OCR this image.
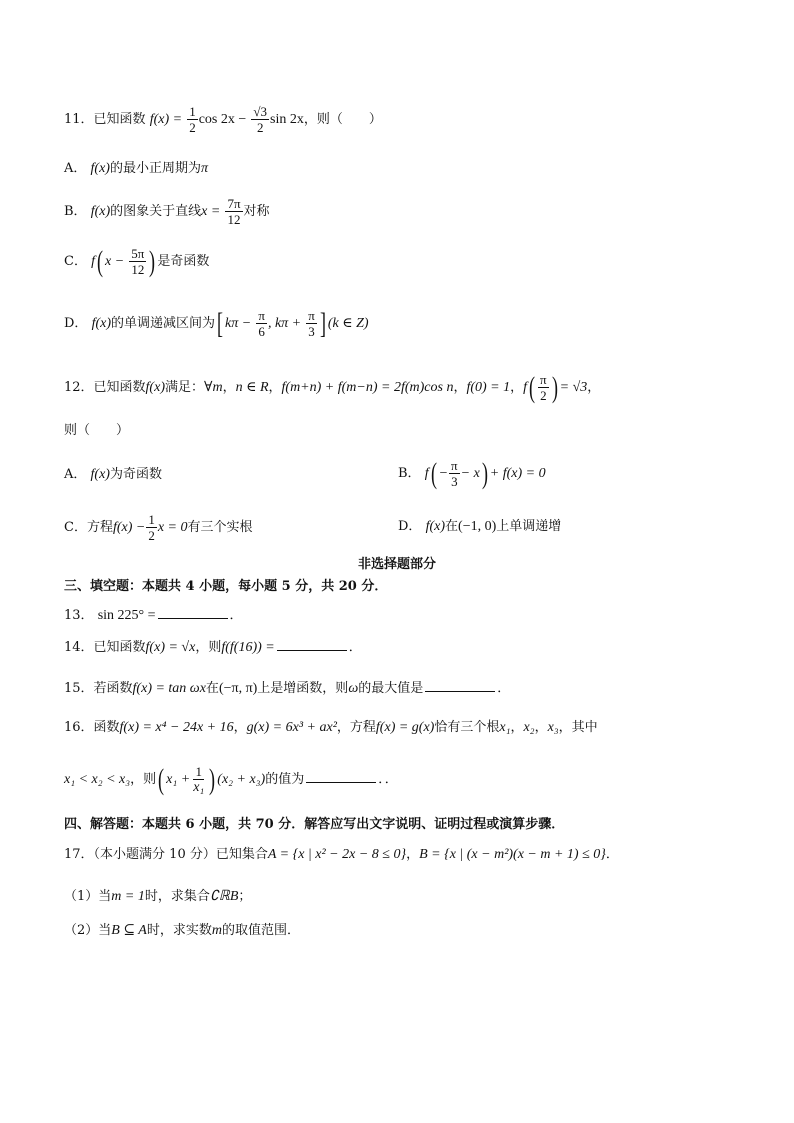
11．已知函数 $f(x) = \frac{1}{2}$ $\cos 2x - \frac{√3}{2}$ sin 2x，则（　　）
A． f(x)的最小正周期为π
B． f(x)的图象关于直线$x = \frac{7\pi}{12}$ 对称
C． f( $x - \frac{5\pi}{12}$ ) 是奇函数
D． f(x)的单调递减区间为[ $k\pi - \frac{\pi}{6}$ , $k\pi + \frac{\pi}{3}$ ] (k ∈ Z)
12．已知函数f(x)满足：∀m，n ∈ R，f(m+n) + f(m−n) = 2f(m)cos n，f(0) = 1，$f( \frac{\pi}{2}$ ) = √3，
则（　　）
A． f(x)为奇函数	B． $f( - \frac{\pi}{3} - x) + f(x) = 0$
C．方程$f(x) - \frac{1}{2}$ x = 0有三个实根	D． f(x)在(−1, 0)上单调递增
非选择题部分
三、填空题：本题共 4 小题，每小题 5 分，共 20 分．
13． sin 225° =	．
14．已知函数f(x) = √x，则f(f(16)) =	．
15．若函数f(x) = tan ωx在(−π, π)上是增函数，则ω的最大值是	．
16．函数f(x) = x⁴ − 24x + 16，g(x) = 6x³ + ax²，方程f(x) = g(x)恰有三个根x₁，x₂，x₃，其中
x₁ < x₂ < x₃，则( $x_1 + \frac{1}{\text{x₁}}$ ) (x₂ + x₃)的值为	．．
四、解答题：本题共 6 小题，共 70 分．解答应写出文字说明、证明过程或演算步骤．
17．（本小题满分 10 分）已知集合A = {x | x² − 2x − 8 ≤ 0}，B = {x | (x − m²)(x − m + 1) ≤ 0}．
（1）当m = 1时，求集合∁ℝB；
（2）当B ⊆ A时，求实数m的取值范围．
